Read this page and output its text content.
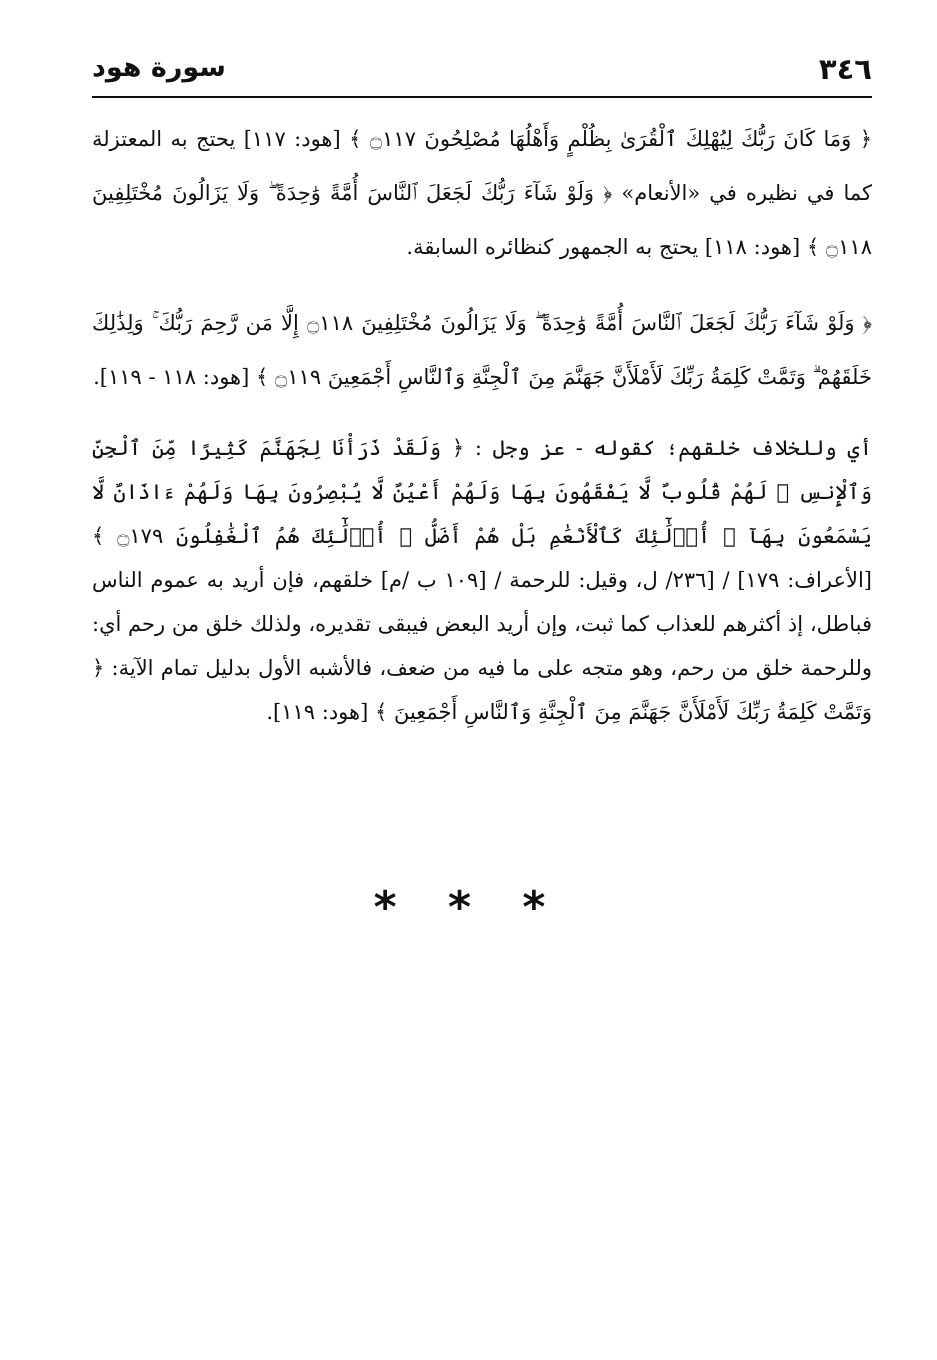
٣٤٦
سورة هود

﴿ وَمَا كَانَ رَبُّكَ لِيُهْلِكَ ٱلْقُرَىٰ بِظُلْمٍ وَأَهْلُهَا مُصْلِحُونَ ۝١١٧ ﴾ [هود: ١١٧] يحتج به المعتزلة كما في نظيره في «الأنعام» ﴿ وَلَوْ شَآءَ رَبُّكَ لَجَعَلَ ٱلنَّاسَ أُمَّةً وَٰحِدَةً ۖ وَلَا يَزَالُونَ مُخْتَلِفِينَ ۝١١٨ ﴾ [هود: ١١٨] يحتج به الجمهور كنظائره السابقة.

﴿ وَلَوْ شَآءَ رَبُّكَ لَجَعَلَ ٱلنَّاسَ أُمَّةً وَٰحِدَةً ۖ وَلَا يَزَالُونَ مُخْتَلِفِينَ ۝١١٨ إِلَّا مَن رَّحِمَ رَبُّكَ ۚ وَلِذَٰلِكَ خَلَقَهُمْ ۗ وَتَمَّتْ كَلِمَةُ رَبِّكَ لَأَمْلَأَنَّ جَهَنَّمَ مِنَ ٱلْجِنَّةِ وَٱلنَّاسِ أَجْمَعِينَ ۝١١٩ ﴾ [هود: ١١٨ - ١١٩].

أي وللخلاف خلقهم؛ كقوله - عز وجل : ﴿ وَلَقَدْ ذَرَأْنَا لِجَهَنَّمَ كَثِيرًا مِّنَ ٱلْجِنِّ وَٱلْإِنسِ ۖ لَهُمْ قُلُوبٌ لَّا يَفْقَهُونَ بِهَا وَلَهُمْ أَعْيُنٌ لَّا يُبْصِرُونَ بِهَا وَلَهُمْ ءَاذَانٌ لَّا يَسْمَعُونَ بِهَآ ۚ أُو۟لَٰٓئِكَ كَٱلْأَنْعَٰمِ بَلْ هُمْ أَضَلُّ ۚ أُو۟لَٰٓئِكَ هُمُ ٱلْغَٰفِلُونَ ۝١٧٩ ﴾ [الأعراف: ١٧٩] / [٢٣٦/ ل، وقيل: للرحمة / [١٠٩ ب /م] خلقهم، فإن أريد به عموم الناس فباطل، إذ أكثرهم للعذاب كما ثبت، وإن أريد البعض فيبقى تقديره، ولذلك خلق من رحم أي: وللرحمة خلق من رحم، وهو متجه على ما فيه من ضعف، فالأشبه الأول بدليل تمام الآية: ﴿ وَتَمَّتْ كَلِمَةُ رَبِّكَ لَأَمْلَأَنَّ جَهَنَّمَ مِنَ ٱلْجِنَّةِ وَٱلنَّاسِ أَجْمَعِينَ ﴾ [هود: ١١٩].

* * *
